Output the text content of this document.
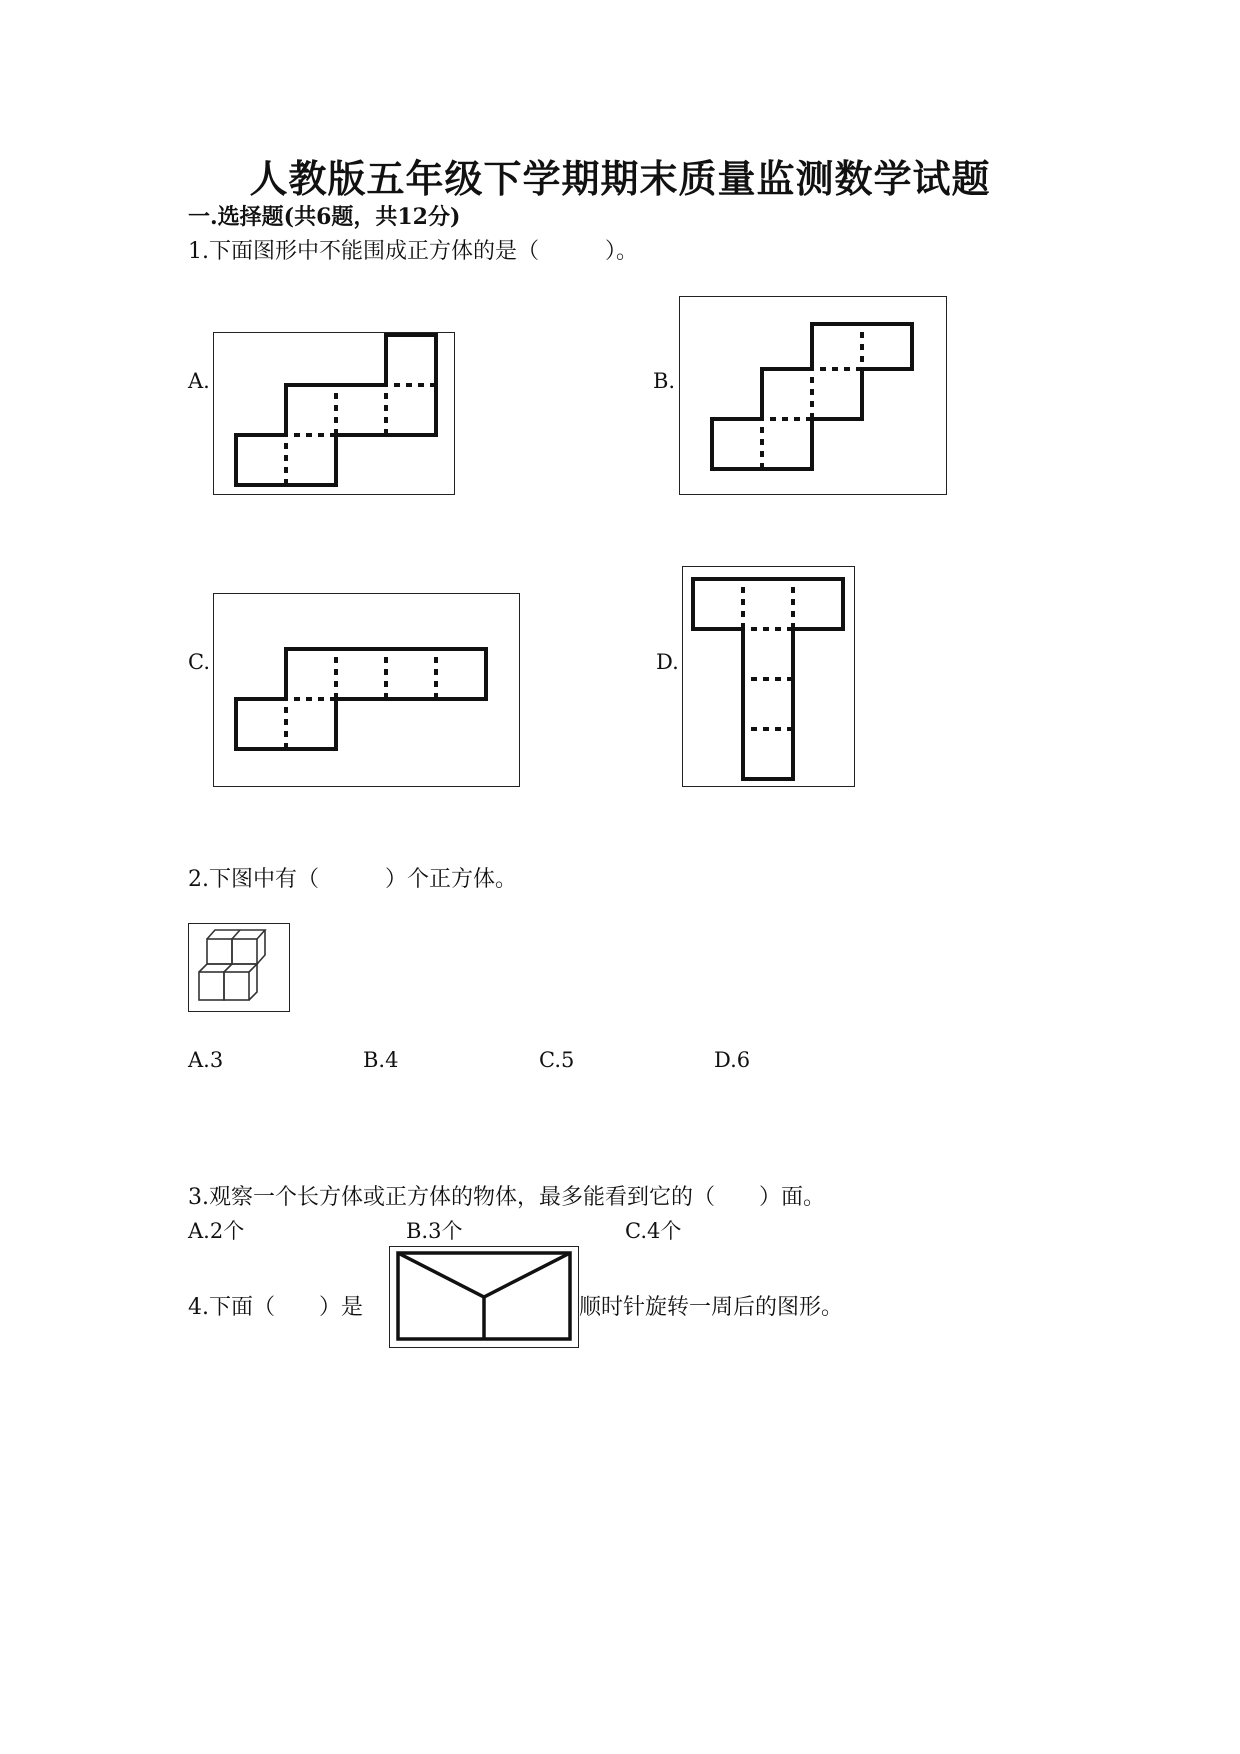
人教版五年级下学期期末质量监测数学试题
一.选择题(共6题，共12分)
1.下面图形中不能围成正方体的是（　　　）。
A.	B.
C.	D.
2.下图中有（　　　）个正方体。
A.3	B.4	C.5	D.6
3.观察一个长方体或正方体的物体，最多能看到它的（　　）面。
A.2个	B.3个	C.4个
4.下面（　　）是	顺时针旋转一周后的图形。
